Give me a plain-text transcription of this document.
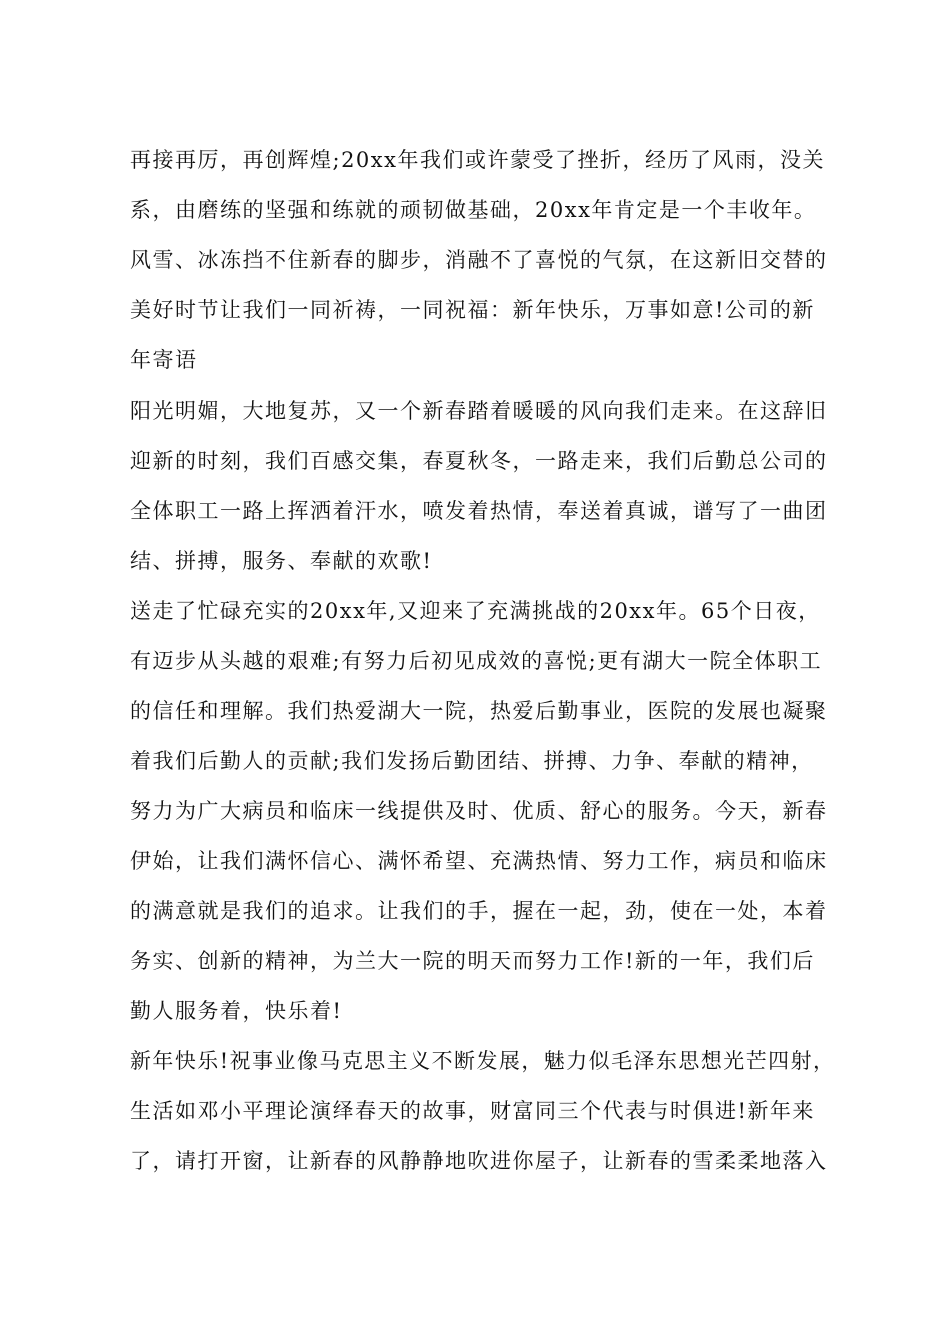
再接再厉，再创辉煌;20xx年我们或许蒙受了挫折，经历了风雨，没关
系，由磨练的坚强和练就的顽韧做基础，20xx年肯定是一个丰收年。
风雪、冰冻挡不住新春的脚步，消融不了喜悦的气氛，在这新旧交替的
美好时节让我们一同祈祷，一同祝福：新年快乐，万事如意!公司的新
年寄语
阳光明媚，大地复苏，又一个新春踏着暖暖的风向我们走来。在这辞旧
迎新的时刻，我们百感交集，春夏秋冬，一路走来，我们后勤总公司的
全体职工一路上挥洒着汗水，喷发着热情，奉送着真诚，谱写了一曲团
结、拼搏，服务、奉献的欢歌!
送走了忙碌充实的20xx年,又迎来了充满挑战的20xx年。65个日夜，
有迈步从头越的艰难;有努力后初见成效的喜悦;更有湖大一院全体职工
的信任和理解。我们热爱湖大一院，热爱后勤事业，医院的发展也凝聚
着我们后勤人的贡献;我们发扬后勤团结、拼搏、力争、奉献的精神，
努力为广大病员和临床一线提供及时、优质、舒心的服务。今天，新春
伊始，让我们满怀信心、满怀希望、充满热情、努力工作，病员和临床
的满意就是我们的追求。让我们的手，握在一起，劲，使在一处，本着
务实、创新的精神，为兰大一院的明天而努力工作!新的一年，我们后
勤人服务着，快乐着!
新年快乐!祝事业像马克思主义不断发展，魅力似毛泽东思想光芒四射，
生活如邓小平理论演绎春天的故事，财富同三个代表与时俱进!新年来
了，请打开窗，让新春的风静静地吹进你屋子，让新春的雪柔柔地落入
